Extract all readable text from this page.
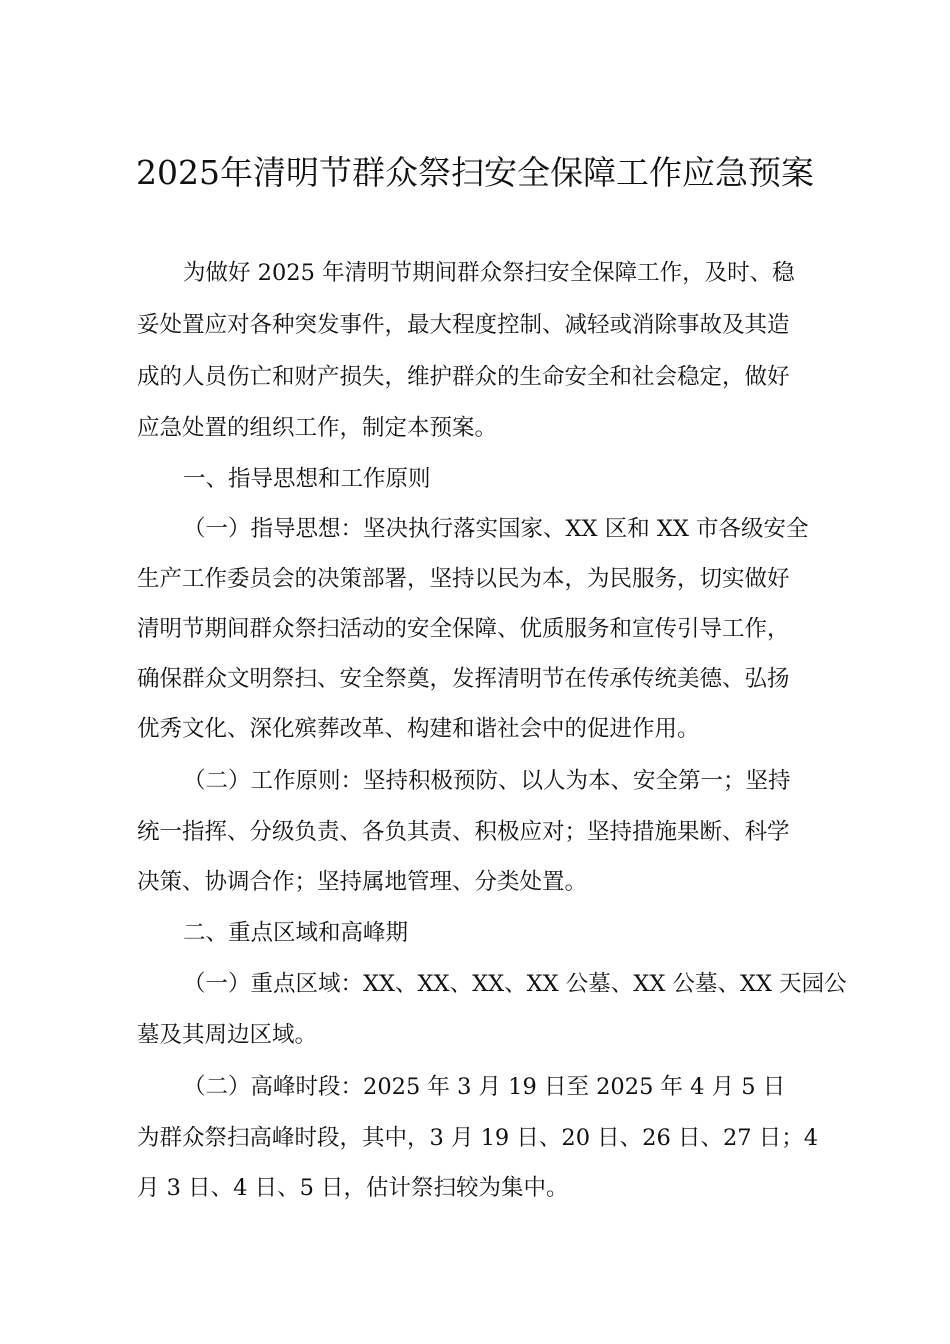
2025年清明节群众祭扫安全保障工作应急预案
为做好 2025 年清明节期间群众祭扫安全保障工作，及时、稳
妥处置应对各种突发事件，最大程度控制、减轻或消除事故及其造
成的人员伤亡和财产损失，维护群众的生命安全和社会稳定，做好
应急处置的组织工作，制定本预案。
一、指导思想和工作原则
（一）指导思想：坚决执行落实国家、XX 区和 XX 市各级安全
生产工作委员会的决策部署，坚持以民为本，为民服务，切实做好
清明节期间群众祭扫活动的安全保障、优质服务和宣传引导工作，
确保群众文明祭扫、安全祭奠，发挥清明节在传承传统美德、弘扬
优秀文化、深化殡葬改革、构建和谐社会中的促进作用。
（二）工作原则：坚持积极预防、以人为本、安全第一；坚持
统一指挥、分级负责、各负其责、积极应对；坚持措施果断、科学
决策、协调合作；坚持属地管理、分类处置。
二、重点区域和高峰期
（一）重点区域：XX、XX、XX、XX 公墓、XX 公墓、XX 天园公
墓及其周边区域。
（二）高峰时段：2025 年 3 月 19 日至 2025 年 4 月 5 日
为群众祭扫高峰时段，其中，3 月 19 日、20 日、26 日、27 日；4
月 3 日、4 日、5 日，估计祭扫较为集中。
